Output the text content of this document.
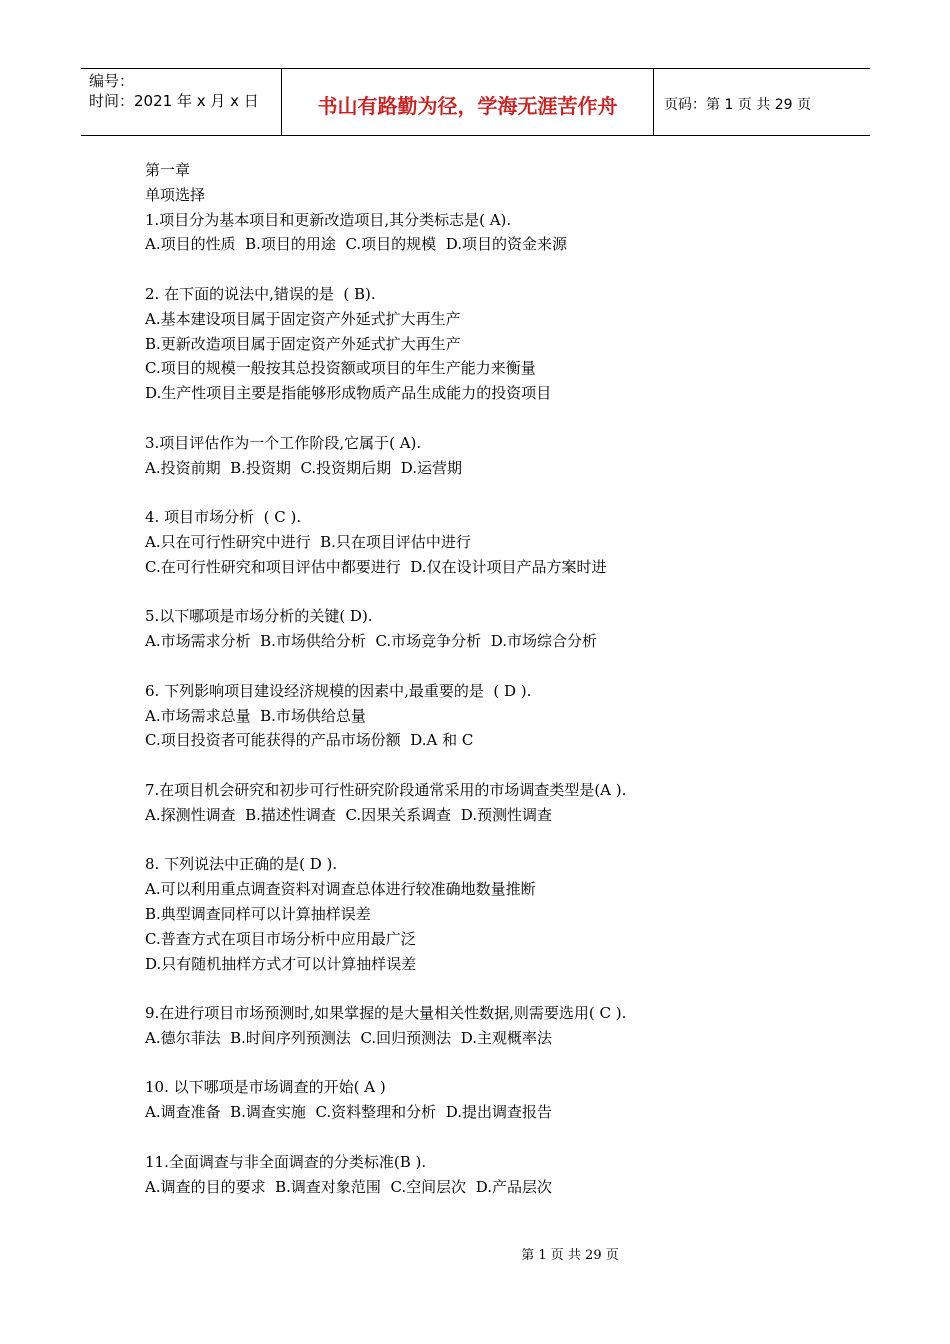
编号：
时间：2021 年 x 月 x 日	书山有路勤为径，学海无涯苦作舟	页码：第 1 页 共 29 页
第一章
单项选择
1.项目分为基本项目和更新改造项目,其分类标志是( A).
A.项目的性质  B.项目的用途  C.项目的规模  D.项目的资金来源
2. 在下面的说法中,错误的是  ( B).
A.基本建设项目属于固定资产外延式扩大再生产
B.更新改造项目属于固定资产外延式扩大再生产
C.项目的规模一般按其总投资额或项目的年生产能力来衡量
D.生产性项目主要是指能够形成物质产品生成能力的投资项目
3.项目评估作为一个工作阶段,它属于( A).
A.投资前期  B.投资期  C.投资期后期  D.运营期
4. 项目市场分析  ( C ).
A.只在可行性研究中进行  B.只在项目评估中进行
C.在可行性研究和项目评估中都要进行  D.仅在设计项目产品方案时进
5.以下哪项是市场分析的关键( D).
A.市场需求分析  B.市场供给分析  C.市场竞争分析  D.市场综合分析
6. 下列影响项目建设经济规模的因素中,最重要的是  ( D ).
A.市场需求总量  B.市场供给总量
C.项目投资者可能获得的产品市场份额  D.A 和 C
7.在项目机会研究和初步可行性研究阶段通常采用的市场调查类型是(A ).
A.探测性调查  B.描述性调查  C.因果关系调查  D.预测性调查
8. 下列说法中正确的是( D ).
A.可以利用重点调查资料对调查总体进行较准确地数量推断
B.典型调查同样可以计算抽样误差
C.普查方式在项目市场分析中应用最广泛
D.只有随机抽样方式才可以计算抽样误差
9.在进行项目市场预测时,如果掌握的是大量相关性数据,则需要选用( C ).
A.德尔菲法  B.时间序列预测法  C.回归预测法  D.主观概率法
10. 以下哪项是市场调查的开始( A )
A.调查准备  B.调查实施  C.资料整理和分析  D.提出调查报告
11.全面调查与非全面调查的分类标准(B ).
A.调查的目的要求  B.调查对象范围  C.空间层次  D.产品层次
第 1 页 共 29 页
